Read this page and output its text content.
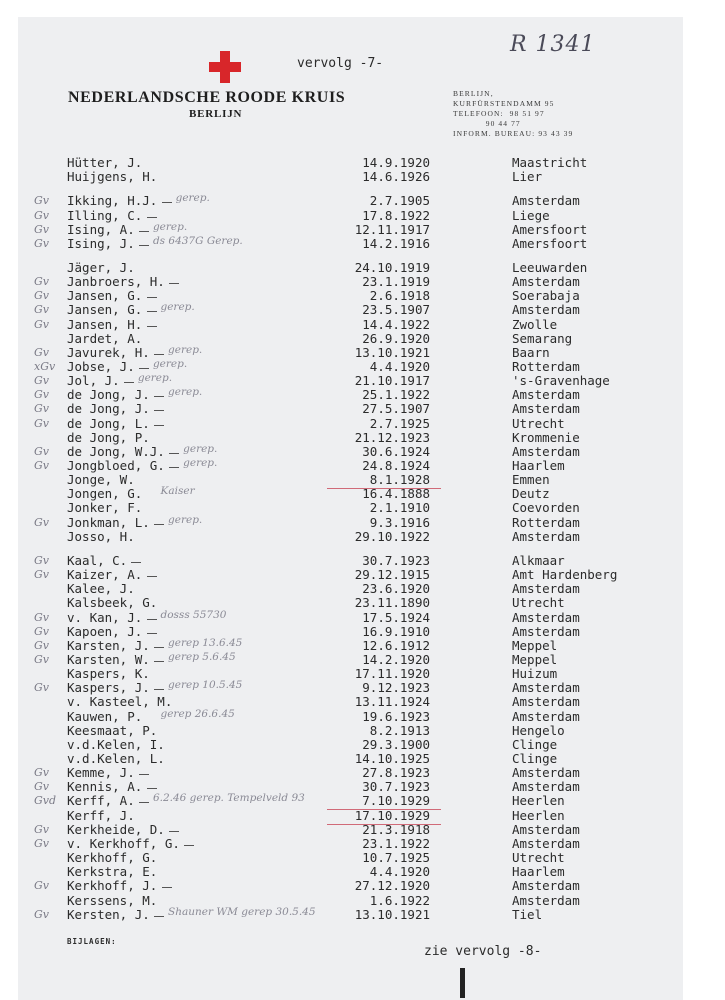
vervolg -7-
R 1341
NEDERLANDSCHE ROODE KRUIS
BERLIJN
BERLIJN,
KURFÜRSTENDAMM 95
TELEFOON:  98 51 97
90 44 77
INFORM. BUREAU: 93 43 39
Hütter, J.	14.9.1920	Maastricht
Huijgens, H.	14.6.1926	Lier
Gv Ikking, H.J. gerep.	2.7.1905	Amsterdam
Gv Illing, C.	17.8.1922	Liege
Gv Ising, A. gerep.	12.11.1917	Amersfoort
Gv Ising, J. ds 6437G Gerep.	14.2.1916	Amersfoort
Jäger, J.	24.10.1919	Leeuwarden
Gv Janbroers, H.	23.1.1919	Amsterdam
Gv Jansen, G.	2.6.1918	Soerabaja
Gv Jansen, G. gerep.	23.5.1907	Amsterdam
Gv Jansen, H.	14.4.1922	Zwolle
Jardet, A.	26.9.1920	Semarang
Gv Javurek, H. gerep.	13.10.1921	Baarn
xGv Jobse, J. gerep.	4.4.1920	Rotterdam
Gv Jol, J. gerep.	21.10.1917	's-Gravenhage
Gv de Jong, J. gerep.	25.1.1922	Amsterdam
Gv de Jong, J.	27.5.1907	Amsterdam
Gv de Jong, L.	2.7.1925	Utrecht
de Jong, P.	21.12.1923	Krommenie
Gv de Jong, W.J. gerep.	30.6.1924	Amsterdam
Gv Jongbloed, G. gerep.	24.8.1924	Haarlem
Jonge, W.	8.1.1928	Emmen
Jongen, G. Kaiser	16.4.1888	Deutz
Jonker, F.	2.1.1910	Coevorden
Gv Jonkman, L. gerep.	9.3.1916	Rotterdam
Josso, H.	29.10.1922	Amsterdam
Gv Kaal, C.	30.7.1923	Alkmaar
Gv Kaizer, A.	29.12.1915	Amt Hardenberg
Kalee, J.	23.6.1920	Amsterdam
Kalsbeek, G.	23.11.1890	Utrecht
Gv v. Kan, J. dosss 55730	17.5.1924	Amsterdam
Gv Kapoen, J.	16.9.1910	Amsterdam
Gv Karsten, J. gerep 13.6.45	12.6.1912	Meppel
Gv Karsten, W. gerep 5.6.45	14.2.1920	Meppel
Kaspers, K.	17.11.1920	Huizum
Gv Kaspers, J. gerep 10.5.45	9.12.1923	Amsterdam
v. Kasteel, M.	13.11.1924	Amsterdam
Kauwen, P. gerep 26.6.45	19.6.1923	Amsterdam
Keesmaat, P.	8.2.1913	Hengelo
v.d.Kelen, I.	29.3.1900	Clinge
v.d.Kelen, L.	14.10.1925	Clinge
Gv Kemme, J.	27.8.1923	Amsterdam
Gv Kennis, A.	30.7.1923	Amsterdam
Gvd Kerff, A. 6.2.46 gerep. Tempelveld 93	7.10.1929	Heerlen
Kerff, J.	17.10.1929	Heerlen
Gv Kerkheide, D.	21.3.1918	Amsterdam
Gv v. Kerkhoff, G.	23.1.1922	Amsterdam
Kerkhoff, G.	10.7.1925	Utrecht
Kerkstra, E.	4.4.1920	Haarlem
Gv Kerkhoff, J.	27.12.1920	Amsterdam
Kerssens, M.	1.6.1922	Amsterdam
Gv Kersten, J. Shauner WM gerep 30.5.45	13.10.1921	Tiel
BIJLAGEN:
zie vervolg -8-
